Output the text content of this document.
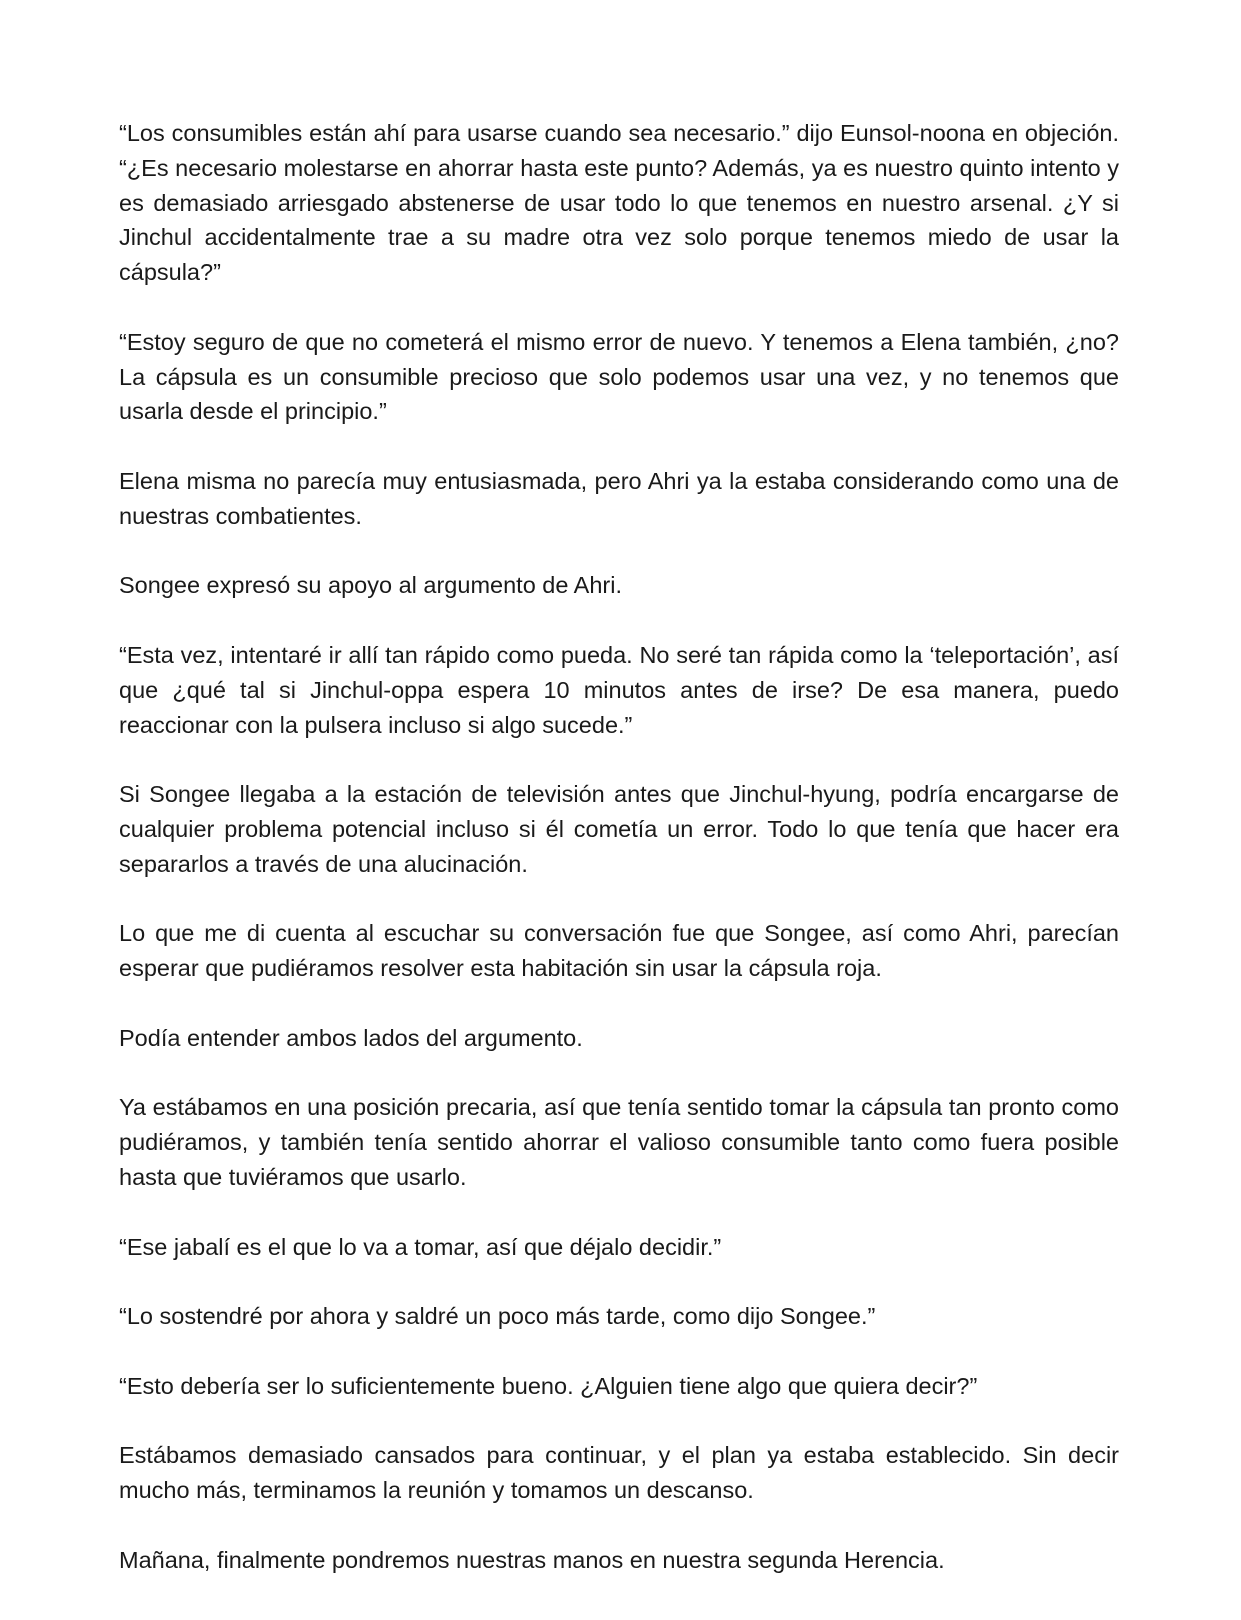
“Los consumibles están ahí para usarse cuando sea necesario.” dijo Eunsol-noona en objeción. “¿Es necesario molestarse en ahorrar hasta este punto? Además, ya es nuestro quinto intento y es demasiado arriesgado abstenerse de usar todo lo que tenemos en nuestro arsenal. ¿Y si Jinchul accidentalmente trae a su madre otra vez solo porque tenemos miedo de usar la cápsula?”

“Estoy seguro de que no cometerá el mismo error de nuevo. Y tenemos a Elena también, ¿no? La cápsula es un consumible precioso que solo podemos usar una vez, y no tenemos que usarla desde el principio.”

Elena misma no parecía muy entusiasmada, pero Ahri ya la estaba considerando como una de nuestras combatientes.

Songee expresó su apoyo al argumento de Ahri.

“Esta vez, intentaré ir allí tan rápido como pueda. No seré tan rápida como la ‘teleportación’, así que ¿qué tal si Jinchul-oppa espera 10 minutos antes de irse? De esa manera, puedo reaccionar con la pulsera incluso si algo sucede.”

Si Songee llegaba a la estación de televisión antes que Jinchul-hyung, podría encargarse de cualquier problema potencial incluso si él cometía un error. Todo lo que tenía que hacer era separarlos a través de una alucinación.

Lo que me di cuenta al escuchar su conversación fue que Songee, así como Ahri, parecían esperar que pudiéramos resolver esta habitación sin usar la cápsula roja.

Podía entender ambos lados del argumento.

Ya estábamos en una posición precaria, así que tenía sentido tomar la cápsula tan pronto como pudiéramos, y también tenía sentido ahorrar el valioso consumible tanto como fuera posible hasta que tuviéramos que usarlo.

“Ese jabalí es el que lo va a tomar, así que déjalo decidir.”

“Lo sostendré por ahora y saldré un poco más tarde, como dijo Songee.”

“Esto debería ser lo suficientemente bueno. ¿Alguien tiene algo que quiera decir?”

Estábamos demasiado cansados para continuar, y el plan ya estaba establecido. Sin decir mucho más, terminamos la reunión y tomamos un descanso.

Mañana, finalmente pondremos nuestras manos en nuestra segunda Herencia.
